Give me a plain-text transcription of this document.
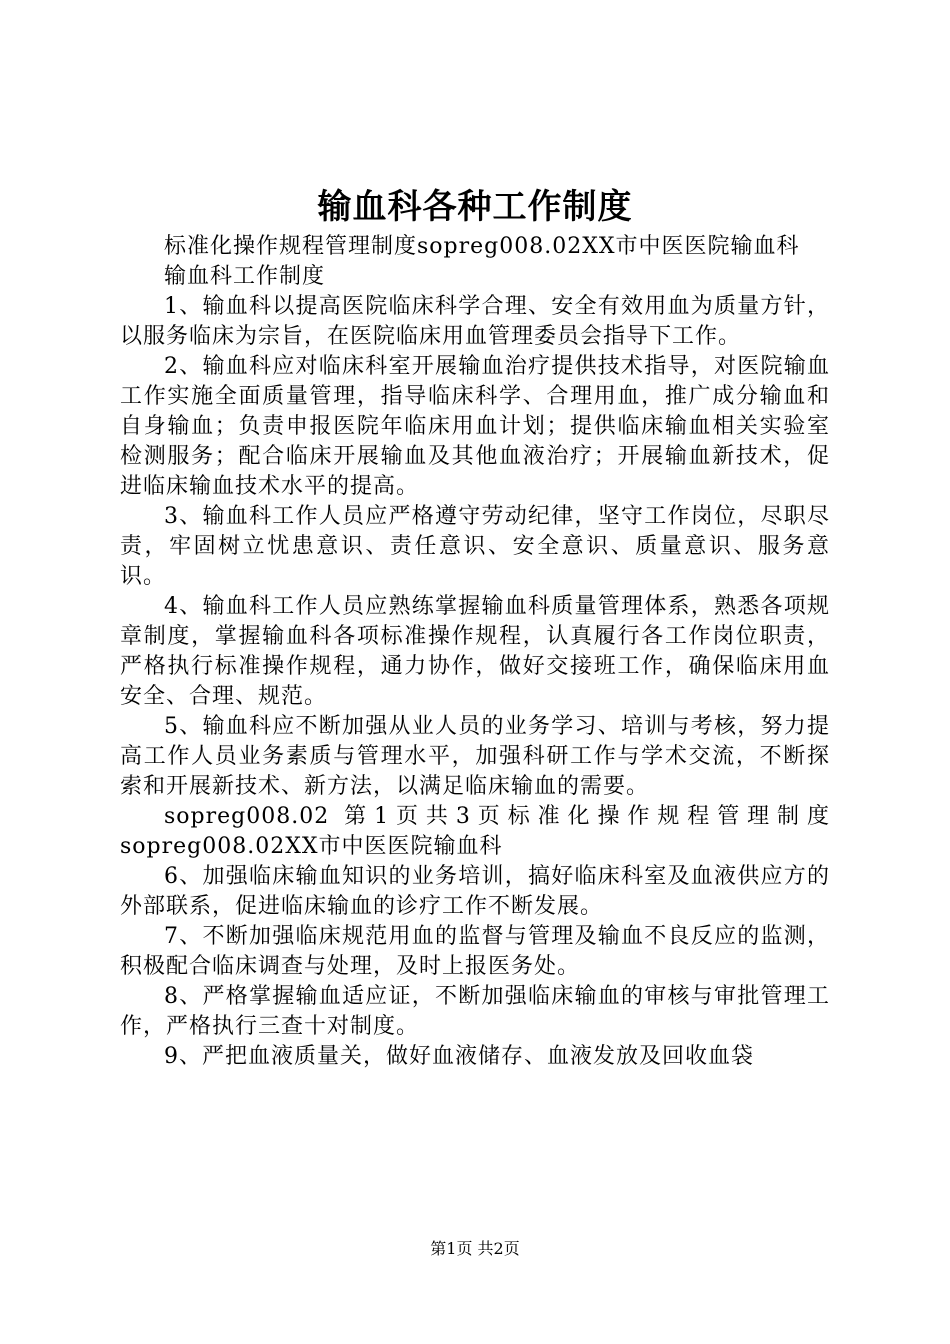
输血科各种工作制度

标准化操作规程管理制度sopreg008.02XX市中医医院输血科

输血科工作制度

1、输血科以提高医院临床科学合理、安全有效用血为质量方针，以服务临床为宗旨，在医院临床用血管理委员会指导下工作。

2、输血科应对临床科室开展输血治疗提供技术指导，对医院输血工作实施全面质量管理，指导临床科学、合理用血，推广成分输血和自身输血；负责申报医院年临床用血计划；提供临床输血相关实验室检测服务；配合临床开展输血及其他血液治疗；开展输血新技术，促进临床输血技术水平的提高。

3、输血科工作人员应严格遵守劳动纪律，坚守工作岗位，尽职尽责，牢固树立忧患意识、责任意识、安全意识、质量意识、服务意识。

4、输血科工作人员应熟练掌握输血科质量管理体系，熟悉各项规章制度，掌握输血科各项标准操作规程，认真履行各工作岗位职责，严格执行标准操作规程，通力协作，做好交接班工作，确保临床用血安全、合理、规范。

5、输血科应不断加强从业人员的业务学习、培训与考核，努力提高工作人员业务素质与管理水平，加强科研工作与学术交流，不断探索和开展新技术、新方法，以满足临床输血的需要。

sopreg008.02 第1页共3页标准化操作规程管理制度sopreg008.02XX市中医医院输血科

6、加强临床输血知识的业务培训，搞好临床科室及血液供应方的外部联系，促进临床输血的诊疗工作不断发展。

7、不断加强临床规范用血的监督与管理及输血不良反应的监测，积极配合临床调查与处理，及时上报医务处。

8、严格掌握输血适应证，不断加强临床输血的审核与审批管理工作，严格执行三查十对制度。

9、严把血液质量关，做好血液储存、血液发放及回收血袋

第1页 共2页
